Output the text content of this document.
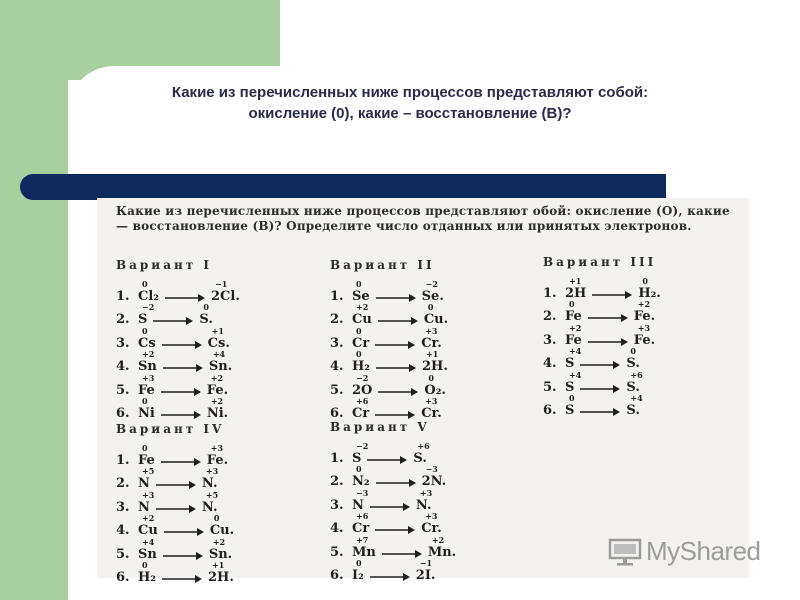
Какие из перечисленных ниже процессов представляют собой:
окисление (0), какие – восстановление (В)?
Какие из перечисленных ниже процессов представляют обой: окисление (О), какие — восстановление (В)? Определите число отданных или принятых электронов.
Вариант I
1.
0
Cl₂ →
−1
2Cl.
2.
−2
S →
0
S.
3.
0
Cs →
+1
Cs.
4.
+2
Sn →
+4
Sn.
5.
+3
Fe →
+2
Fe.
6.
0
Ni →
+2
Ni.
Вариант II
1.
0
Se →
−2
Se.
2.
+2
Cu →
0
Cu.
3.
0
Cr →
+3
Cr.
4.
0
H₂ →
+1
2H.
5.
−2
2O →
0
O₂.
6.
+6
Cr →
+3
Cr.
Вариант III
1.
+1
2H →
0
H₂.
2.
0
Fe →
+2
Fe.
3.
+2
Fe →
+3
Fe.
4.
+4
S →
0
S.
5.
+4
S →
+6
S.
6.
0
S →
+4
S.
Вариант IV
1.
0
Fe →
+3
Fe.
2.
+5
N →
+3
N.
3.
+3
N →
+5
N.
4.
+2
Cu →
0
Cu.
5.
+4
Sn →
+2
Sn.
6.
0
H₂ →
+1
2H.
Вариант V
1.
−2
S →
+6
S.
2.
0
N₂ →
−3
2N.
3.
−3
N →
+3
N.
4.
+6
Cr →
+3
Cr.
5.
+7
Mn →
+2
Mn.
6.
0
I₂ →
−1
2I.
MyShared
